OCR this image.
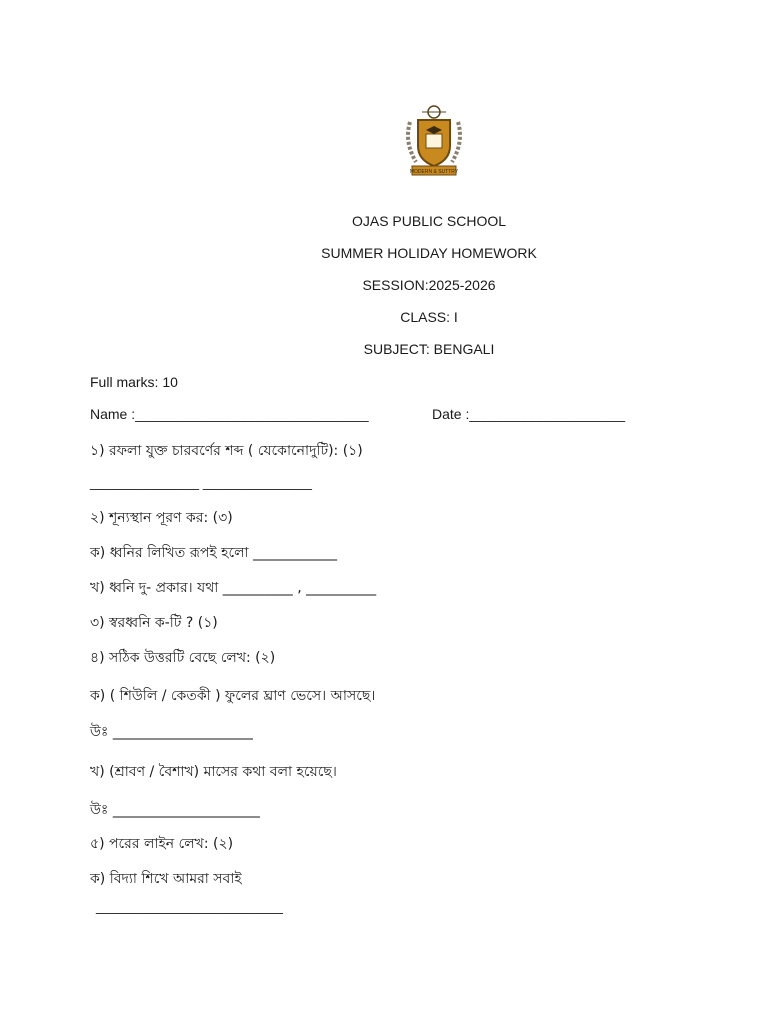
MODERN & SUTTRY
OJAS PUBLIC SCHOOL
SUMMER HOLIDAY HOMEWORK
SESSION:2025-2026
CLASS: I
SUBJECT: BENGALI
Full marks: 10
Name :______________________________	Date :____________________
১) রফলা যুক্ত চারবর্ণের শব্দ ( যেকোনোদুটি): (১)
______________ ______________
২) শূন্যস্থান পূরণ কর: (৩)
ক) ধ্বনির লিখিত রূপই হলো ____________
খ) ধ্বনি দু- প্রকার। যথা __________ , __________
৩) স্বরধ্বনি ক-টি ? (১)
৪) সঠিক উত্তরটি বেছে লেখ: (২)
ক) ( শিউলি / কেতকী ) ফুলের ঘ্রাণ ভেসে। আসছে।
উঃ ____________________
খ) (শ্রাবণ / বৈশাখ) মাসের কথা বলা হয়েছে।
উঃ _____________________
৫) পরের লাইন লেখ: (২)
ক) বিদ্যা শিখে আমরা সবাই
________________________
